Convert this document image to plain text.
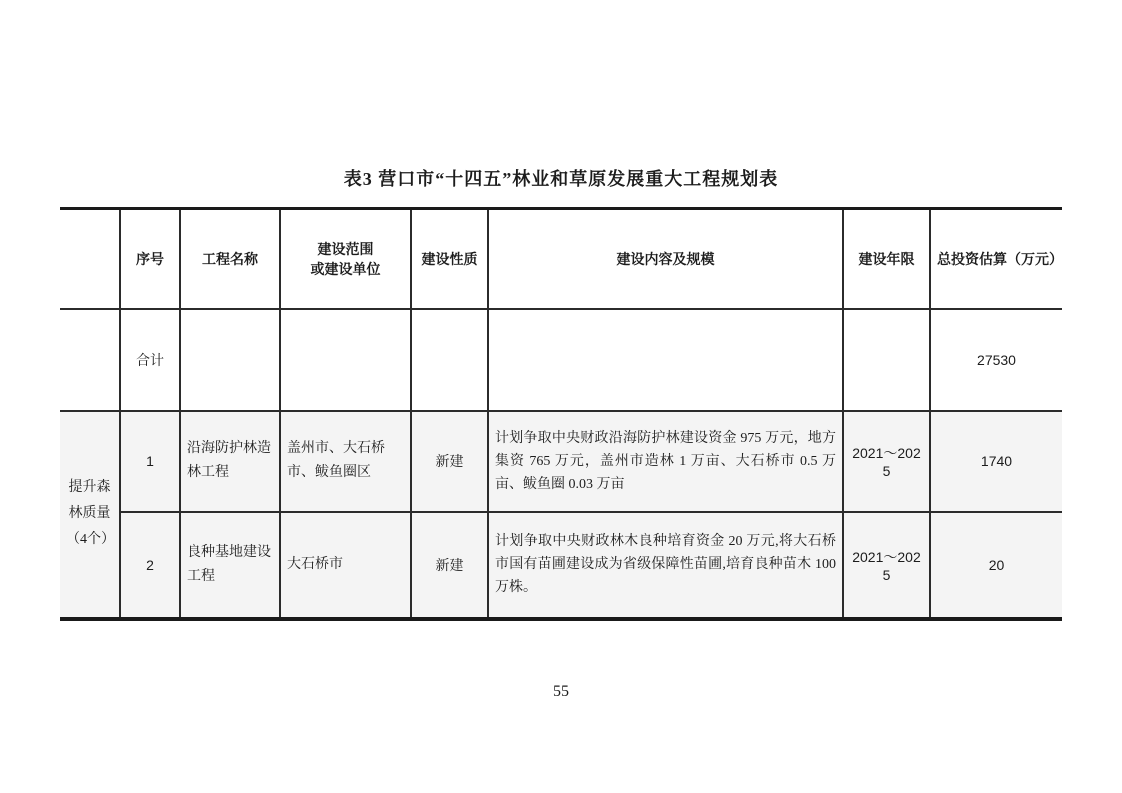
表3 营口市“十四五”林业和草原发展重大工程规划表
	序号	工程名称	建设范围
或建设单位	建设性质	建设内容及规模	建设年限	总投资估算（万元）
	合计						27530
提升森林质量（4个）	1	沿海防护林造林工程	盖州市、大石桥市、鲅鱼圈区	新建	计划争取中央财政沿海防护林建设资金 975 万元，地方集资 765 万元，盖州市造林 1 万亩、大石桥市 0.5 万亩、鲅鱼圈 0.03 万亩	2021～2025	1740
	2	良种基地建设工程	大石桥市	新建	计划争取中央财政林木良种培育资金 20 万元,将大石桥市国有苗圃建设成为省级保障性苗圃,培育良种苗木 100 万株。	2021～2025	20
55
